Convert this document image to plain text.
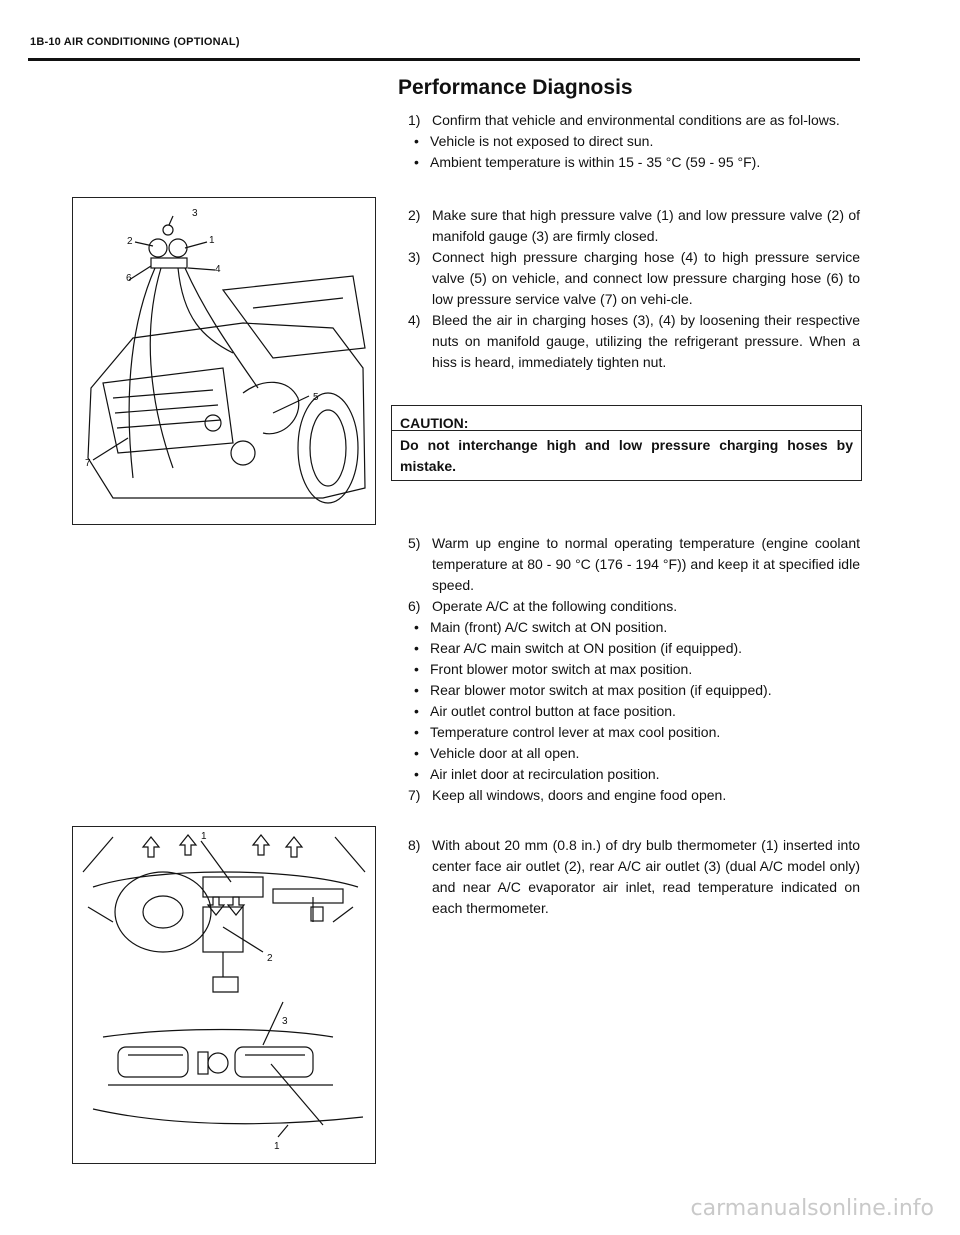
1B-10 AIR CONDITIONING (OPTIONAL)
Performance Diagnosis
1) Confirm that vehicle and environmental conditions are as fol-lows.
• Vehicle is not exposed to direct sun.
• Ambient temperature is within 15 - 35 °C (59 - 95 °F).
2) Make sure that high pressure valve (1) and low pressure valve (2) of manifold gauge (3) are firmly closed.
3) Connect high pressure charging hose (4) to high pressure service valve (5) on vehicle, and connect low pressure charging hose (6) to low pressure service valve (7) on vehi-cle.
4) Bleed the air in charging hoses (3), (4) by loosening their respective nuts on manifold gauge, utilizing the refrigerant pressure. When a hiss is heard, immediately tighten nut.
CAUTION:
Do not interchange high and low pressure charging hoses by mistake.
5) Warm up engine to normal operating temperature (engine coolant temperature at 80 - 90 °C (176 - 194 °F)) and keep it at specified idle speed.
6) Operate A/C at the following conditions.
• Main (front) A/C switch at ON position.
• Rear A/C main switch at ON position (if equipped).
• Front blower motor switch at max position.
• Rear blower motor switch at max position (if equipped).
• Air outlet control button at face position.
• Temperature control lever at max cool position.
• Vehicle door at all open.
• Air inlet door at recirculation position.
7) Keep all windows, doors and engine food open.
8) With about 20 mm (0.8 in.) of dry bulb thermometer (1) inserted into center face air outlet (2), rear A/C air outlet (3) (dual A/C model only) and near A/C evaporator air inlet, read temperature indicated on each thermometer.
3
2	1
6
4
5
7
1
2
3
1
carmanualsonline.info
